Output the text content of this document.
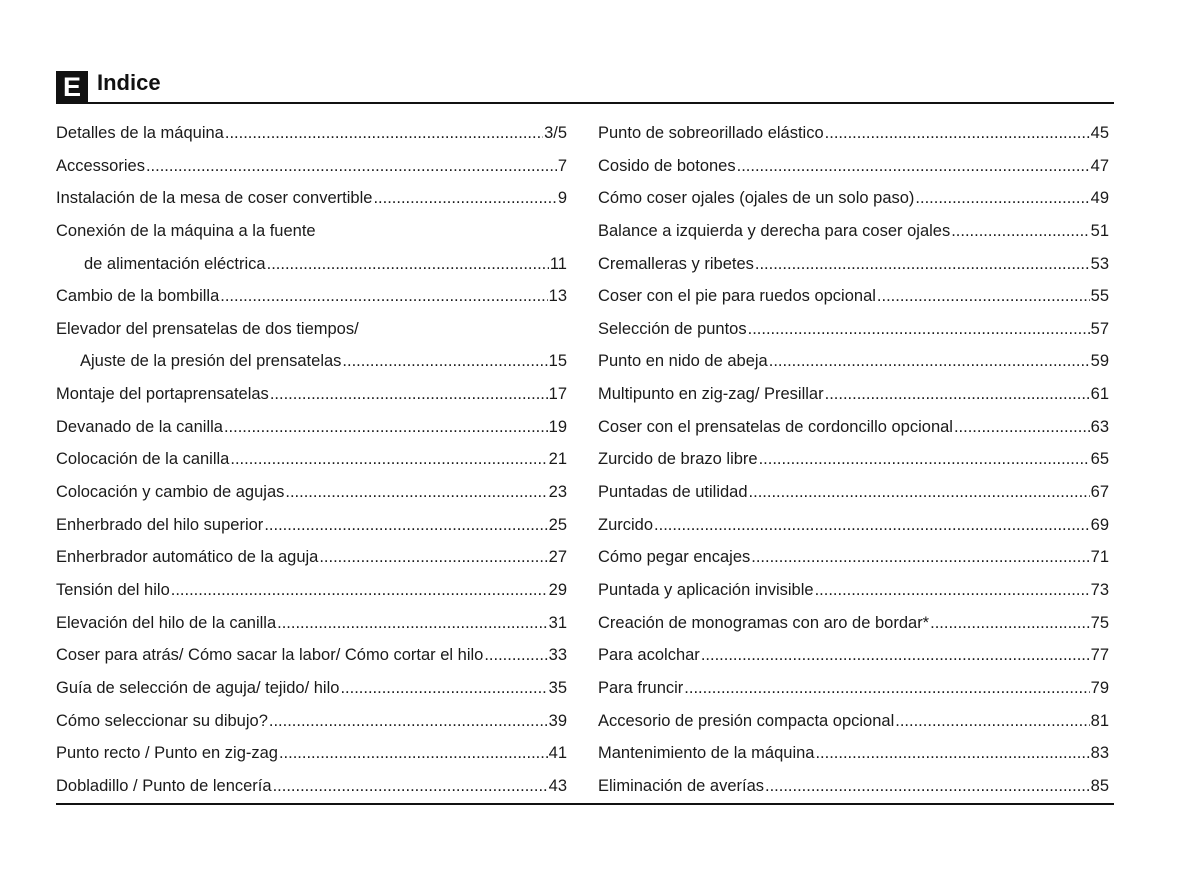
E Indice
Detalles de la máquina .....	3/5
Accessories .....	7
Instalación de la mesa de coser convertible .....	9
Conexión de la máquina a la fuente
de alimentación eléctrica .....	11
Cambio de la bombilla .....	13
Elevador del prensatelas de dos tiempos/
Ajuste de la presión del prensatelas .....	15
Montaje del portaprensatelas .....	17
Devanado de la canilla .....	19
Colocación de la canilla .....	21
Colocación y cambio de agujas .....	23
Enherbrado del hilo superior .....	25
Enherbrador automático de la aguja .....	27
Tensión del hilo .....	29
Elevación del hilo de la canilla .....	31
Coser para atrás/ Cómo sacar la labor/ Cómo cortar el hilo .....	33
Guía de selección de aguja/ tejido/ hilo .....	35
Cómo seleccionar su dibujo? .....	39
Punto recto / Punto en zig-zag .....	41
Dobladillo / Punto de lencería .....	43
Punto de sobreorillado elástico .....	45
Cosido de botones .....	47
Cómo coser ojales (ojales de un solo paso) .....	49
Balance a izquierda y derecha para coser ojales .....	51
Cremalleras y ribetes .....	53
Coser con el pie para ruedos opcional .....	55
Selección de puntos .....	57
Punto en nido de abeja .....	59
Multipunto en zig-zag/ Presillar .....	61
Coser con el prensatelas de cordoncillo opcional .....	63
Zurcido de brazo libre .....	65
Puntadas de utilidad .....	67
Zurcido .....	69
Cómo pegar encajes .....	71
Puntada y aplicación invisible .....	73
Creación de monogramas con aro de bordar* .....	75
Para acolchar .....	77
Para fruncir .....	79
Accesorio de presión compacta opcional .....	81
Mantenimiento de la máquina .....	83
Eliminación de averías .....	85
